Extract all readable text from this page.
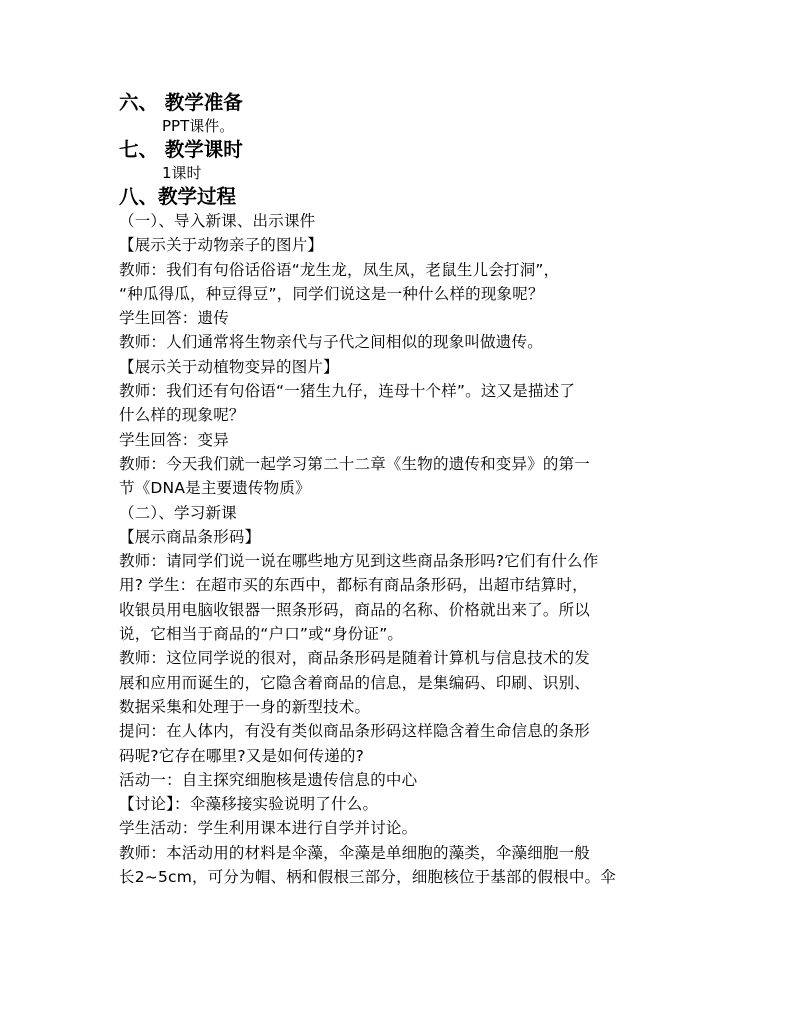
六、 教学准备
PPT课件。
七、 教学课时
1课时
八、教学过程
（一）、导入新课、出示课件
【展示关于动物亲子的图片】
教师：我们有句俗话俗语“龙生龙，凤生凤，老鼠生儿会打洞”，
“种瓜得瓜，种豆得豆”，同学们说这是一种什么样的现象呢？
学生回答：遗传
教师：人们通常将生物亲代与子代之间相似的现象叫做遗传。
【展示关于动植物变异的图片】
教师：我们还有句俗语“一猪生九仔，连母十个样”。这又是描述了
什么样的现象呢？
学生回答：变异
教师：今天我们就一起学习第二十二章《生物的遗传和变异》的第一
节《DNA是主要遗传物质》
（二）、学习新课
【展示商品条形码】
教师：请同学们说一说在哪些地方见到这些商品条形吗?它们有什么作
用? 学生：在超市买的东西中，都标有商品条形码，出超市结算时，
收银员用电脑收银器一照条形码，商品的名称、价格就出来了。所以
说，它相当于商品的“户口”或“身份证”。
教师：这位同学说的很对，商品条形码是随着计算机与信息技术的发
展和应用而诞生的，它隐含着商品的信息，是集编码、印刷、识别、
数据采集和处理于一身的新型技术。
提问：在人体内，有没有类似商品条形码这样隐含着生命信息的条形
码呢?它存在哪里?又是如何传递的?
活动一：自主探究细胞核是遗传信息的中心
【讨论】：伞藻移接实验说明了什么。
学生活动：学生利用课本进行自学并讨论。
教师：本活动用的材料是伞藻，伞藻是单细胞的藻类，伞藻细胞一般
长2~5cm，可分为帽、柄和假根三部分，细胞核位于基部的假根中。伞
